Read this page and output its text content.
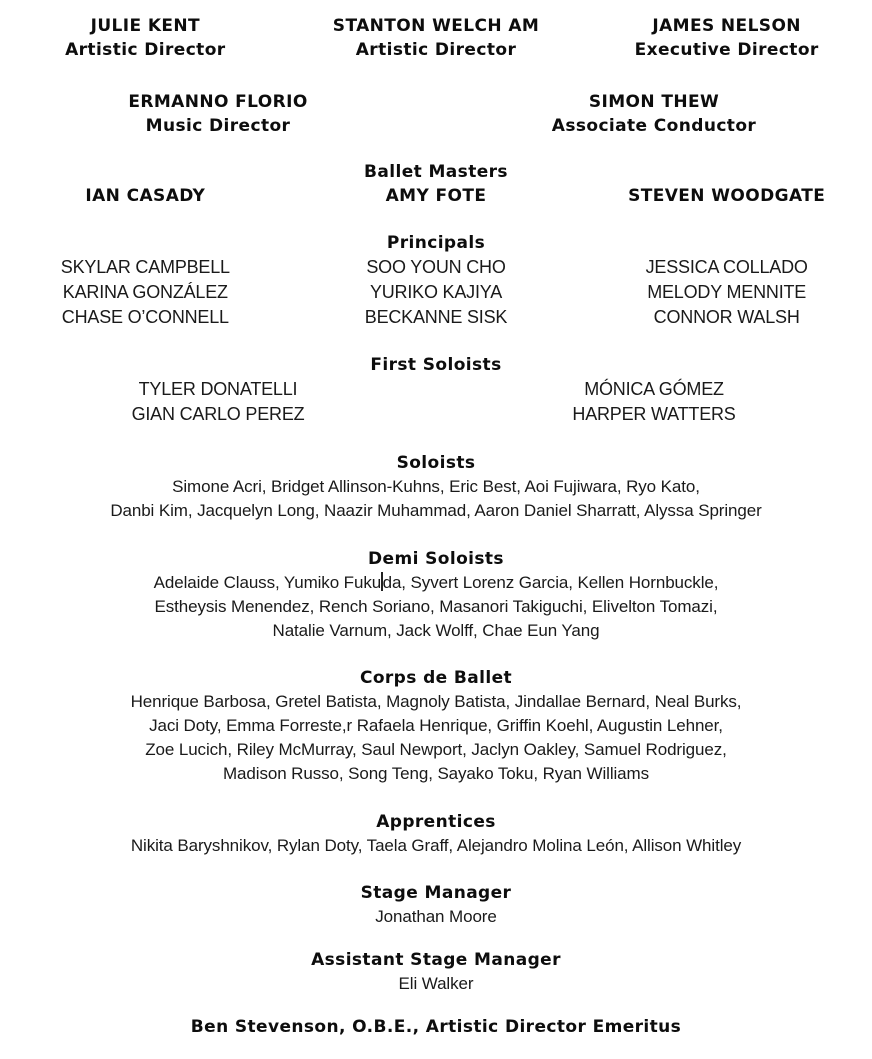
JULIE KENT
Artistic Director
STANTON WELCH AM
Artistic Director
JAMES NELSON
Executive Director
ERMANNO FLORIO
Music Director
SIMON THEW
Associate Conductor
Ballet Masters
IAN CASADY	AMY FOTE	STEVEN WOODGATE
Principals
SKYLAR CAMPBELL
KARINA GONZÁLEZ
CHASE O’CONNELL
SOO YOUN CHO
YURIKO KAJIYA
BECKANNE SISK
JESSICA COLLADO
MELODY MENNITE
CONNOR WALSH
First Soloists
TYLER DONATELLI
GIAN CARLO PEREZ
MÓNICA GÓMEZ
HARPER WATTERS
Soloists
Simone Acri, Bridget Allinson-Kuhns, Eric Best, Aoi Fujiwara, Ryo Kato,
Danbi Kim, Jacquelyn Long, Naazir Muhammad, Aaron Daniel Sharratt, Alyssa Springer
Demi Soloists
Adelaide Clauss, Yumiko Fukuda, Syvert Lorenz Garcia, Kellen Hornbuckle,
Estheysis Menendez, Rench Soriano, Masanori Takiguchi, Elivelton Tomazi,
Natalie Varnum, Jack Wolff, Chae Eun Yang
Corps de Ballet
Henrique Barbosa, Gretel Batista, Magnoly Batista, Jindallae Bernard, Neal Burks,
Jaci Doty, Emma Forreste,r Rafaela Henrique, Griffin Koehl, Augustin Lehner,
Zoe Lucich, Riley McMurray, Saul Newport, Jaclyn Oakley, Samuel Rodriguez,
Madison Russo, Song Teng, Sayako Toku, Ryan Williams
Apprentices
Nikita Baryshnikov, Rylan Doty, Taela Graff, Alejandro Molina León, Allison Whitley
Stage Manager
Jonathan Moore
Assistant Stage Manager
Eli Walker
Ben Stevenson, O.B.E., Artistic Director Emeritus
